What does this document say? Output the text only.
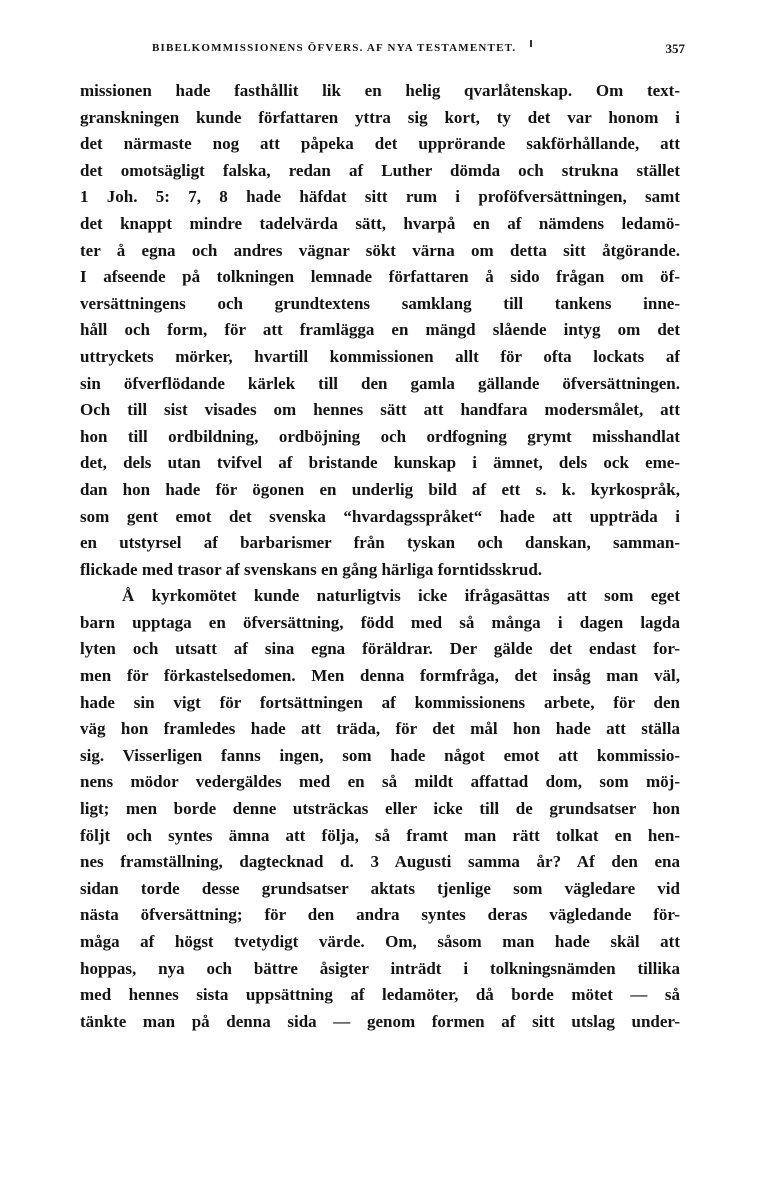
BIBELKOMMISSIONENS ÖFVERS. AF NYA TESTAMENTET.	357
missionen hade fasthållit lik en helig qvarlåtenskap. Om text-
granskningen kunde författaren yttra sig kort, ty det var honom i
det närmaste nog att påpeka det upprörande sakförhållande, att
det omotsägligt falska, redan af Luther dömda och strukna stället
1 Joh. 5: 7, 8 hade häfdat sitt rum i proföfversättningen, samt
det knappt mindre tadelvärda sätt, hvarpå en af nämdens ledamö-
ter å egna och andres vägnar sökt värna om detta sitt åtgörande.
I afseende på tolkningen lemnade författaren å sido frågan om öf-
versättningens och grundtextens samklang till tankens inne-
håll och form, för att framlägga en mängd slående intyg om det
uttryckets mörker, hvartill kommissionen allt för ofta lockats af
sin öfverflödande kärlek till den gamla gällande öfversättningen.
Och till sist visades om hennes sätt att handfara modersmålet, att
hon till ordbildning, ordböjning och ordfogning grymt misshandlat
det, dels utan tvifvel af bristande kunskap i ämnet, dels ock eme-
dan hon hade för ögonen en underlig bild af ett s. k. kyrkospråk,
som gent emot det svenska “hvardagsspråket“ hade att uppträda i
en utstyrsel af barbarismer från tyskan och danskan, samman-
flickade med trasor af svenskans en gång härliga forntidsskrud.
Å kyrkomötet kunde naturligtvis icke ifrågasättas att som eget
barn upptaga en öfversättning, född med så många i dagen lagda
lyten och utsatt af sina egna föräldrar. Der gälde det endast for-
men för förkastelsedomen. Men denna formfråga, det insåg man väl,
hade sin vigt för fortsättningen af kommissionens arbete, för den
väg hon framledes hade att träda, för det mål hon hade att ställa
sig. Visserligen fanns ingen, som hade något emot att kommissio-
nens mödor vedergäldes med en så mildt affattad dom, som möj-
ligt; men borde denne utsträckas eller icke till de grundsatser hon
följt och syntes ämna att följa, så framt man rätt tolkat en hen-
nes framställning, dagtecknad d. 3 Augusti samma år? Af den ena
sidan torde desse grundsatser aktats tjenlige som vägledare vid
nästa öfversättning; för den andra syntes deras vägledande för-
måga af högst tvetydigt värde. Om, såsom man hade skäl att
hoppas, nya och bättre åsigter inträdt i tolkningsnämden tillika
med hennes sista uppsättning af ledamöter, då borde mötet — så
tänkte man på denna sida — genom formen af sitt utslag under-
